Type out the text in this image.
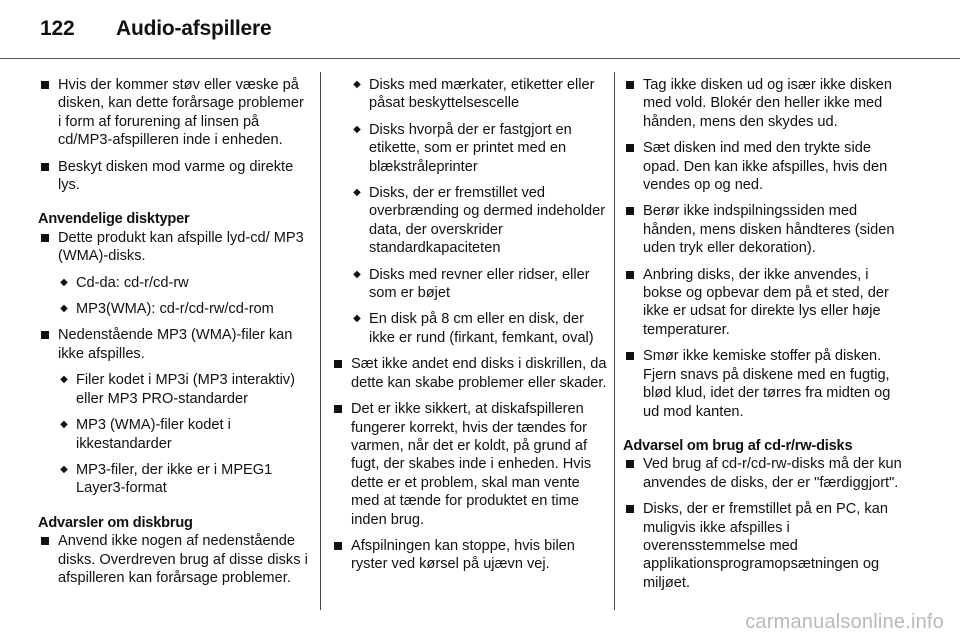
122	Audio-afspillere
Hvis der kommer støv eller væske på disken, kan dette forårsage problemer i form af forurening af linsen på cd/MP3-afspilleren inde i enheden.
Beskyt disken mod varme og direkte lys.
Anvendelige disktyper
Dette produkt kan afspille lyd-cd/ MP3 (WMA)-disks.
◆ Cd-da: cd-r/cd-rw
◆ MP3(WMA): cd-r/cd-rw/cd-rom
Nedenstående MP3 (WMA)-filer kan ikke afspilles.
◆ Filer kodet i MP3i (MP3 interaktiv) eller MP3 PRO-standarder
◆ MP3 (WMA)-filer kodet i ikkestandarder
◆ MP3-filer, der ikke er i MPEG1 Layer3-format
Advarsler om diskbrug
Anvend ikke nogen af nedenstående disks. Overdreven brug af disse disks i afspilleren kan forårsage problemer.
◆ Disks med mærkater, etiketter eller påsat beskyttelsescelle
◆ Disks hvorpå der er fastgjort en etikette, som er printet med en blækstråleprinter
◆ Disks, der er fremstillet ved overbrænding og dermed indeholder data, der overskrider standardkapaciteten
◆ Disks med revner eller ridser, eller som er bøjet
◆ En disk på 8 cm eller en disk, der ikke er rund (firkant, femkant, oval)
Sæt ikke andet end disks i diskrillen, da dette kan skabe problemer eller skader.
Det er ikke sikkert, at diskafspilleren fungerer korrekt, hvis der tændes for varmen, når det er koldt, på grund af fugt, der skabes inde i enheden. Hvis dette er et problem, skal man vente med at tænde for produktet en time inden brug.
Afspilningen kan stoppe, hvis bilen ryster ved kørsel på ujævn vej.
Tag ikke disken ud og især ikke disken med vold. Blokér den heller ikke med hånden, mens den skydes ud.
Sæt disken ind med den trykte side opad. Den kan ikke afspilles, hvis den vendes op og ned.
Berør ikke indspilningssiden med hånden, mens disken håndteres (siden uden tryk eller dekoration).
Anbring disks, der ikke anvendes, i bokse og opbevar dem på et sted, der ikke er udsat for direkte lys eller høje temperaturer.
Smør ikke kemiske stoffer på disken. Fjern snavs på diskene med en fugtig, blød klud, idet der tørres fra midten og ud mod kanten.
Advarsel om brug af cd-r/rw-disks
Ved brug af cd-r/cd-rw-disks må der kun anvendes de disks, der er "færdiggjort".
Disks, der er fremstillet på en PC, kan muligvis ikke afspilles i overensstemmelse med applikationsprogramopsætningen og miljøet.
carmanualsonline.info
